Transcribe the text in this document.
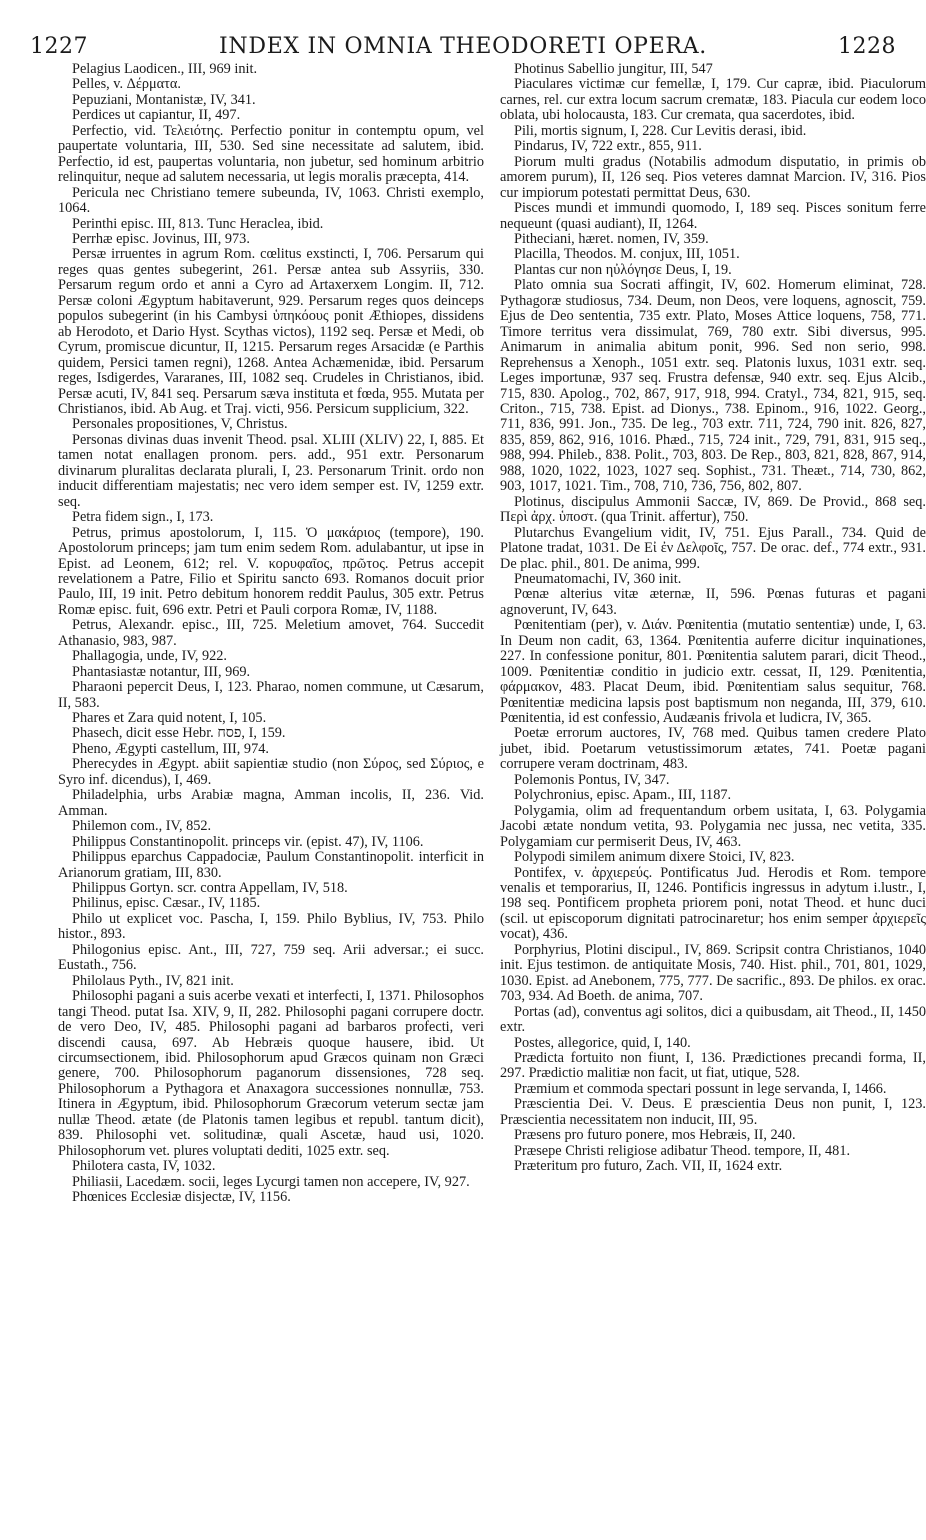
1227	INDEX IN OMNIA THEODORETI OPERA.	1228

Pelagius Laodicen., III, 969 init.

Pelles, v. Δέρματα.

Pepuziani, Montanistæ, IV, 341.

Perdices ut capiantur, II, 497.

Perfectio, vid. Τελειότης. Perfectio ponitur in contemptu opum, vel paupertate voluntaria, III, 530. Sed sine necessitate ad salutem, ibid. Perfectio, id est, paupertas voluntaria, non jubetur, sed hominum arbitrio relinquitur, neque ad salutem necessaria, ut legis moralis præcepta, 414.

Pericula nec Christiano temere subeunda, IV, 1063. Christi exemplo, 1064.

Perinthi episc. III, 813. Tunc Heraclea, ibid.

Perrhæ episc. Jovinus, III, 973.

Persæ irruentes in agrum Rom. cœlitus exstincti, I, 706. Persarum qui reges quas gentes subegerint, 261. Persæ antea sub Assyriis, 330. Persarum regum ordo et anni a Cyro ad Artaxerxem Longim. II, 712. Persæ coloni Ægyptum habitaverunt, 929. Persarum reges quos deinceps populos subegerint (in his Cambysi ὑπηκόους ponit Æthiopes, dissidens ab Herodoto, et Dario Hyst. Scythas victos), 1192 seq. Persæ et Medi, ob Cyrum, promiscue dicuntur, II, 1215. Persarum reges Arsacidæ (e Parthis quidem, Persici tamen regni), 1268. Antea Achæmenidæ, ibid. Persarum reges, Isdigerdes, Vararanes, III, 1082 seq. Crudeles in Christianos, ibid. Persæ acuti, IV, 841 seq. Persarum sæva instituta et fœda, 955. Mutata per Christianos, ibid. Ab Aug. et Traj. victi, 956. Persicum supplicium, 322.

Personales propositiones, V, Christus.

Personas divinas duas invenit Theod. psal. XLIII (XLIV) 22, I, 885. Et tamen notat enallagen pronom. pers. add., 951 extr. Personarum divinarum pluralitas declarata plurali, I, 23. Personarum Trinit. ordo non inducit differentiam majestatis; nec vero idem semper est. IV, 1259 extr. seq.

Petra fidem sign., I, 173.

Petrus, primus apostolorum, I, 115. Ὁ μακάριος (tempore), 190. Apostolorum princeps; jam tum enim sedem Rom. adulabantur, ut ipse in Epist. ad Leonem, 612; rel. V. κορυφαῖος, πρῶτος. Petrus accepit revelationem a Patre, Filio et Spiritu sancto 693. Romanos docuit prior Paulo, III, 19 init. Petro debitum honorem reddit Paulus, 305 extr. Petrus Romæ episc. fuit, 696 extr. Petri et Pauli corpora Romæ, IV, 1188.

Petrus, Alexandr. episc., III, 725. Meletium amovet, 764. Succedit Athanasio, 983, 987.

Phallagogia, unde, IV, 922.

Phantasiastæ notantur, III, 969.

Pharaoni pepercit Deus, I, 123. Pharao, nomen commune, ut Cæsarum, II, 583.

Phares et Zara quid notent, I, 105.

Phasech, dicit esse Hebr. פסח, I, 159.

Pheno, Ægypti castellum, III, 974.

Pherecydes in Ægypt. abiit sapientiæ studio (non Σύρος, sed Σύριος, e Syro inf. dicendus), I, 469.

Philadelphia, urbs Arabiæ magna, Amman incolis, II, 236. Vid. Amman.

Philemon com., IV, 852.

Philippus Constantinopolit. princeps vir. (epist. 47), IV, 1106.

Philippus eparchus Cappadociæ, Paulum Constantinopolit. interficit in Arianorum gratiam, III, 830.

Philippus Gortyn. scr. contra Appellam, IV, 518.

Philinus, episc. Cæsar., IV, 1185.

Philo ut explicet voc. Pascha, I, 159. Philo Byblius, IV, 753. Philo histor., 893.

Philogonius episc. Ant., III, 727, 759 seq. Arii adversar.; ei succ. Eustath., 756.

Philolaus Pyth., IV, 821 init.

Philosophi pagani a suis acerbe vexati et interfecti, I, 1371. Philosophos tangi Theod. putat Isa. XIV, 9, II, 282. Philosophi pagani corrupere doctr. de vero Deo, IV, 485. Philosophi pagani ad barbaros profecti, veri discendi causa, 697. Ab Hebræis quoque hausere, ibid. Ut circumsectionem, ibid. Philosophorum apud Græcos quinam non Græci genere, 700. Philosophorum paganorum dissensiones, 728 seq. Philosophorum a Pythagora et Anaxagora successiones nonnullæ, 753. Itinera in Ægyptum, ibid. Philosophorum Græcorum veterum sectæ jam nullæ Theod. ætate (de Platonis tamen legibus et republ. tantum dicit), 839. Philosophi vet. solitudinæ, quali Ascetæ, haud usi, 1020. Philosophorum vet. plures voluptati dediti, 1025 extr. seq.

Philotera casta, IV, 1032.

Philiasii, Lacedæm. socii, leges Lycurgi tamen non accepere, IV, 927.

Phœnices Ecclesiæ disjectæ, IV, 1156.

Photinus Sabellio jungitur, III, 547

Piaculares victimæ cur femellæ, I, 179. Cur capræ, ibid. Piaculorum carnes, rel. cur extra locum sacrum crematæ, 183. Piacula cur eodem loco oblata, ubi holocausta, 183. Cur cremata, qua sacerdotes, ibid.

Pili, mortis signum, I, 228. Cur Levitis derasi, ibid.

Pindarus, IV, 722 extr., 855, 911.

Piorum multi gradus (Notabilis admodum disputatio, in primis ob amorem purum), II, 126 seq. Pios veteres damnat Marcion. IV, 316. Pios cur impiorum potestati permittat Deus, 630.

Pisces mundi et immundi quomodo, I, 189 seq. Pisces sonitum ferre nequeunt (quasi audiant), II, 1264.

Pitheciani, hæret. nomen, IV, 359.

Placilla, Theodos. M. conjux, III, 1051.

Plantas cur non ηὐλόγησε Deus, I, 19.

Plato omnia sua Socrati affingit, IV, 602. Homerum eliminat, 728. Pythagoræ studiosus, 734. Deum, non Deos, vere loquens, agnoscit, 759. Ejus de Deo sententia, 735 extr. Plato, Moses Attice loquens, 758, 771. Timore territus vera dissimulat, 769, 780 extr. Sibi diversus, 995. Animarum in animalia abitum ponit, 996. Sed non serio, 998. Reprehensus a Xenoph., 1051 extr. seq. Platonis luxus, 1031 extr. seq. Leges importunæ, 937 seq. Frustra defensæ, 940 extr. seq. Ejus Alcib., 715, 830. Apolog., 702, 867, 917, 918, 994. Cratyl., 734, 821, 915, seq. Criton., 715, 738. Epist. ad Dionys., 738. Epinom., 916, 1022. Georg., 711, 836, 991. Jon., 735. De leg., 703 extr. 711, 724, 790 init. 826, 827, 835, 859, 862, 916, 1016. Phæd., 715, 724 init., 729, 791, 831, 915 seq., 988, 994. Phileb., 838. Polit., 703, 803. De Rep., 803, 821, 828, 867, 914, 988, 1020, 1022, 1023, 1027 seq. Sophist., 731. Theæt., 714, 730, 862, 903, 1017, 1021. Tim., 708, 710, 736, 756, 802, 807.

Plotinus, discipulus Ammonii Saccæ, IV, 869. De Provid., 868 seq. Περὶ ἀρχ. ὑποστ. (qua Trinit. affertur), 750.

Plutarchus Evangelium vidit, IV, 751. Ejus Parall., 734. Quid de Platone tradat, 1031. De Εἰ ἐν Δελφοῖς, 757. De orac. def., 774 extr., 931. De plac. phil., 801. De anima, 999.

Pneumatomachi, IV, 360 init.

Pœnæ alterius vitæ æternæ, II, 596. Pœnas futuras et pagani agnoverunt, IV, 643.

Pœnitentiam (per), v. Διάν. Pœnitentia (mutatio sententiæ) unde, I, 63. In Deum non cadit, 63, 1364. Pœnitentia auferre dicitur inquinationes, 227. In confessione ponitur, 801. Pœnitentia salutem parari, dicit Theod., 1009. Pœnitentiæ conditio in judicio extr. cessat, II, 129. Pœnitentia, φάρμακον, 483. Placat Deum, ibid. Pœnitentiam salus sequitur, 768. Pœnitentiæ medicina lapsis post baptismum non neganda, III, 379, 610. Pœnitentia, id est confessio, Audæanis frivola et ludicra, IV, 365.

Poetæ errorum auctores, IV, 768 med. Quibus tamen credere Plato jubet, ibid. Poetarum vetustissimorum ætates, 741. Poetæ pagani corrupere veram doctrinam, 483.

Polemonis Pontus, IV, 347.

Polychronius, episc. Apam., III, 1187.

Polygamia, olim ad frequentandum orbem usitata, I, 63. Polygamia Jacobi ætate nondum vetita, 93. Polygamia nec jussa, nec vetita, 335. Polygamiam cur permiserit Deus, IV, 463.

Polypodi similem animum dixere Stoici, IV, 823.

Pontifex, v. ἀρχιερεύς. Pontificatus Jud. Herodis et Rom. tempore venalis et temporarius, II, 1246. Pontificis ingressus in adytum i.lustr., I, 198 seq. Pontificem propheta priorem poni, notat Theod. et hunc duci (scil. ut episcoporum dignitati patrocinaretur; hos enim semper ἀρχιερεῖς vocat), 436.

Porphyrius, Plotini discipul., IV, 869. Scripsit contra Christianos, 1040 init. Ejus testimon. de antiquitate Mosis, 740. Hist. phil., 701, 801, 1029, 1030. Epist. ad Anebonem, 775, 777. De sacrific., 893. De philos. ex orac. 703, 934. Ad Boeth. de anima, 707.

Portas (ad), conventus agi solitos, dici a quibusdam, ait Theod., II, 1450 extr.

Postes, allegorice, quid, I, 140.

Prædicta fortuito non fiunt, I, 136. Prædictiones precandi forma, II, 297. Prædictio malitiæ non facit, ut fiat, utique, 528.

Præmium et commoda spectari possunt in lege servanda, I, 1466.

Præscientia Dei. V. Deus. E præscientia Deus non punit, I, 123. Præscientia necessitatem non inducit, III, 95.

Præsens pro futuro ponere, mos Hebræis, II, 240.

Præsepe Christi religiose adibatur Theod. tempore, II, 481.

Præteritum pro futuro, Zach. VII, II, 1624 extr.
